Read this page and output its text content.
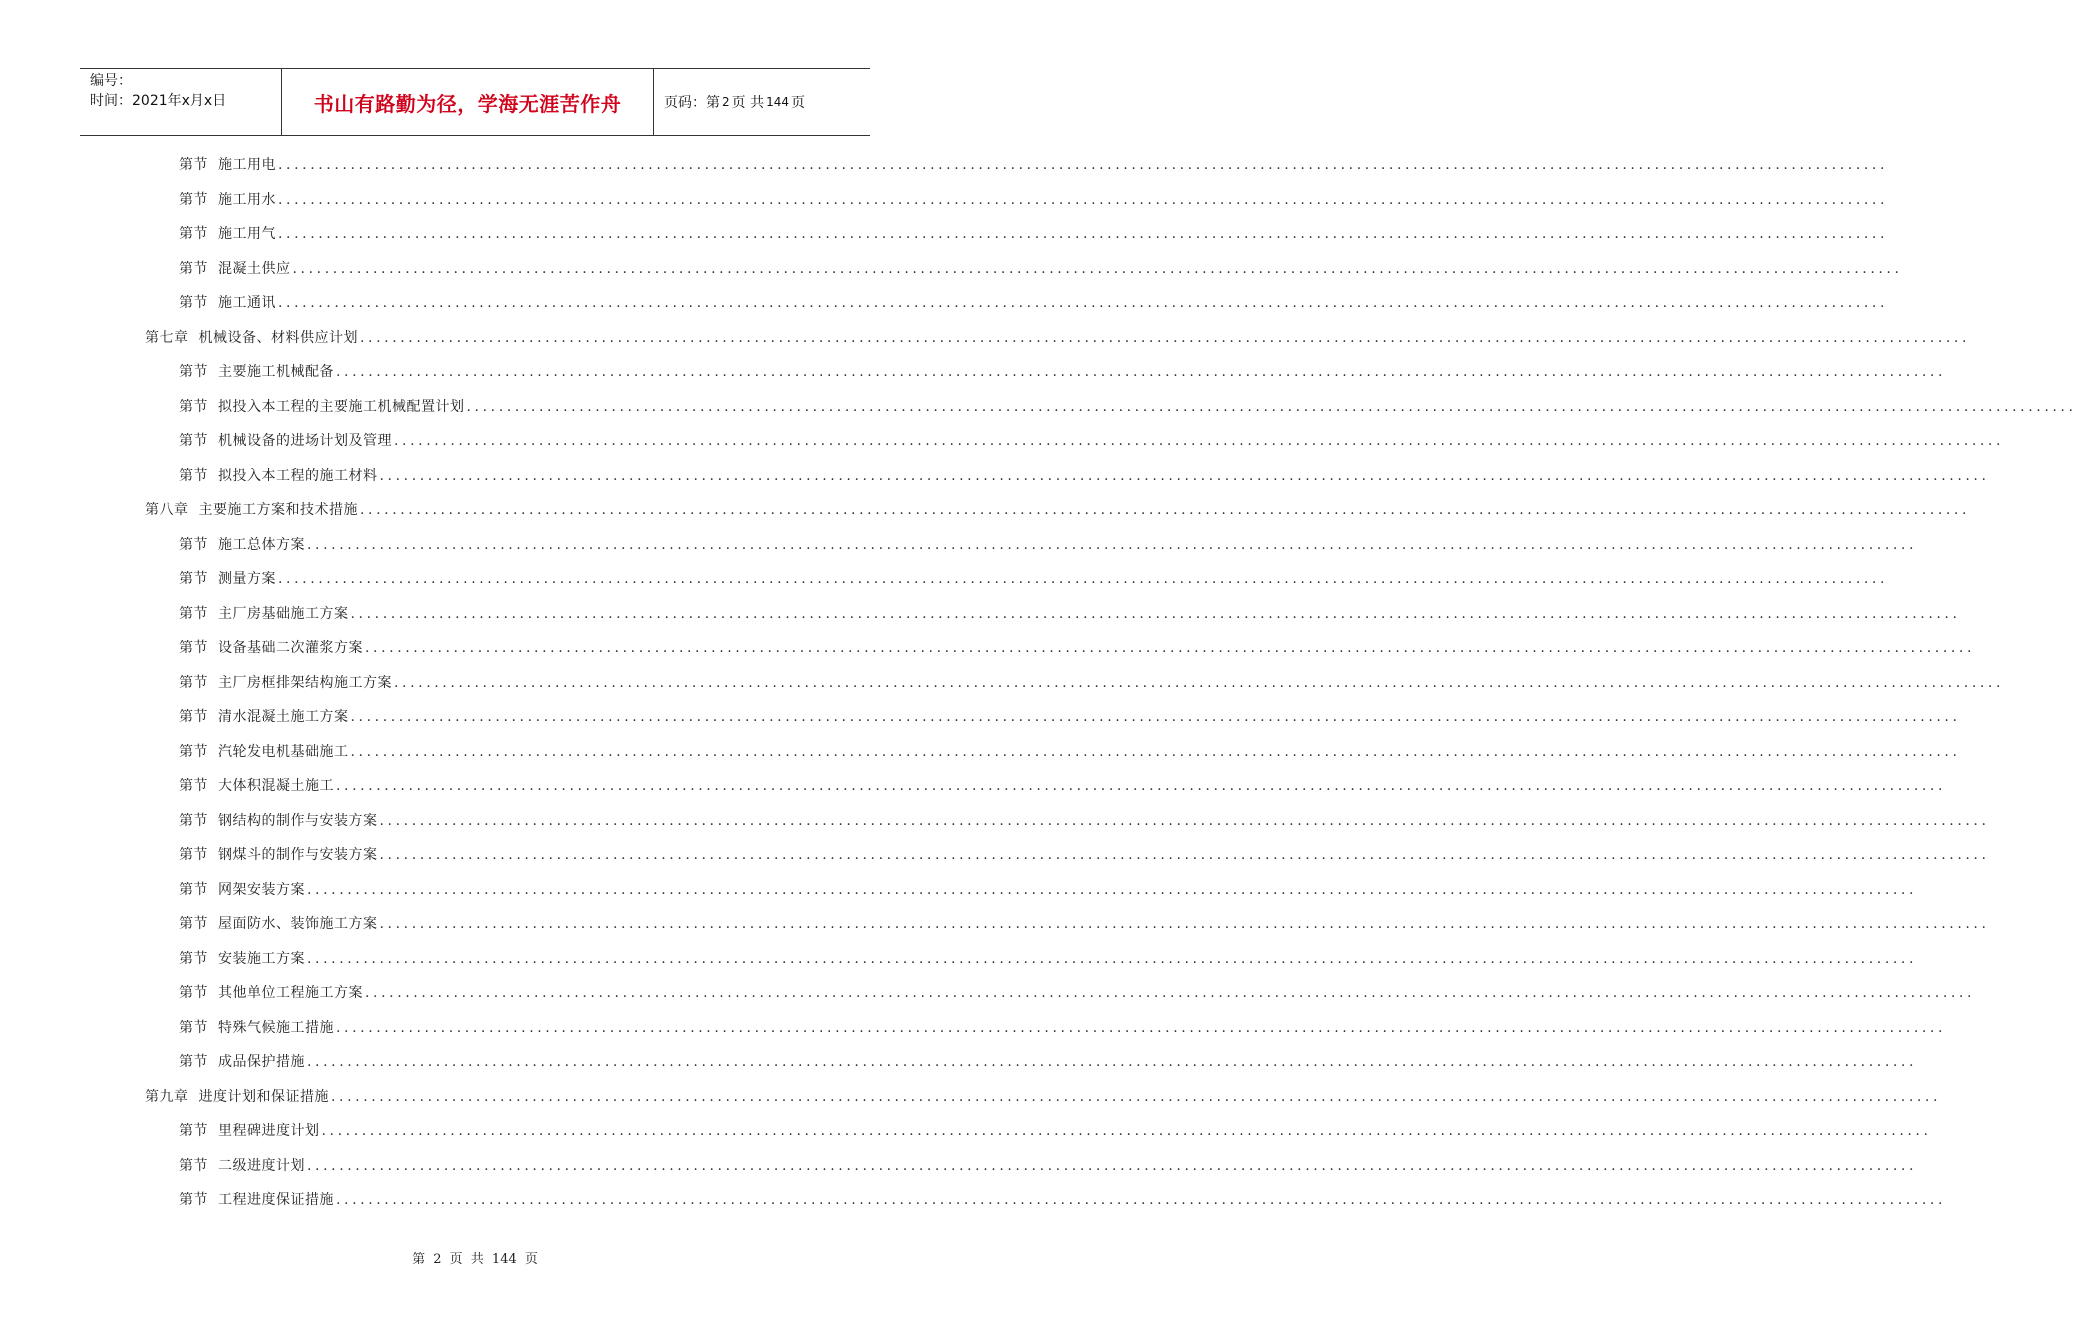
编号：
时间：2021年x月x日	书山有路勤为径，学海无涯苦作舟	页码：第 2 页 共 144 页
第节 施工用电 ........................................................................................................................................................................................................
第节 施工用水 ........................................................................................................................................................................................................
第节 施工用气 ........................................................................................................................................................................................................
第节 混凝土供应 ........................................................................................................................................................................................................
第节 施工通讯 ........................................................................................................................................................................................................
第七章 机械设备、材料供应计划 ........................................................................................................................................................................................................
第节 主要施工机械配备 ........................................................................................................................................................................................................
第节 拟投入本工程的主要施工机械配置计划 ........................................................................................................................................................................................................
第节 机械设备的进场计划及管理 ........................................................................................................................................................................................................
第节 拟投入本工程的施工材料 ........................................................................................................................................................................................................
第八章 主要施工方案和技术措施 ........................................................................................................................................................................................................
第节 施工总体方案 ........................................................................................................................................................................................................
第节 测量方案 ........................................................................................................................................................................................................
第节 主厂房基础施工方案 ........................................................................................................................................................................................................
第节 设备基础二次灌浆方案 ........................................................................................................................................................................................................
第节 主厂房框排架结构施工方案 ........................................................................................................................................................................................................
第节 清水混凝土施工方案 ........................................................................................................................................................................................................
第节 汽轮发电机基础施工 ........................................................................................................................................................................................................
第节 大体积混凝土施工 ........................................................................................................................................................................................................
第节 钢结构的制作与安装方案 ........................................................................................................................................................................................................
第节 钢煤斗的制作与安装方案 ........................................................................................................................................................................................................
第节 网架安装方案 ........................................................................................................................................................................................................
第节 屋面防水、装饰施工方案 ........................................................................................................................................................................................................
第节 安装施工方案 ........................................................................................................................................................................................................
第节 其他单位工程施工方案 ........................................................................................................................................................................................................
第节 特殊气候施工措施 ........................................................................................................................................................................................................
第节 成品保护措施 ........................................................................................................................................................................................................
第九章 进度计划和保证措施 ........................................................................................................................................................................................................
第节 里程碑进度计划 ........................................................................................................................................................................................................
第节 二级进度计划 ........................................................................................................................................................................................................
第节 工程进度保证措施 ........................................................................................................................................................................................................
第 2 页 共 144 页
